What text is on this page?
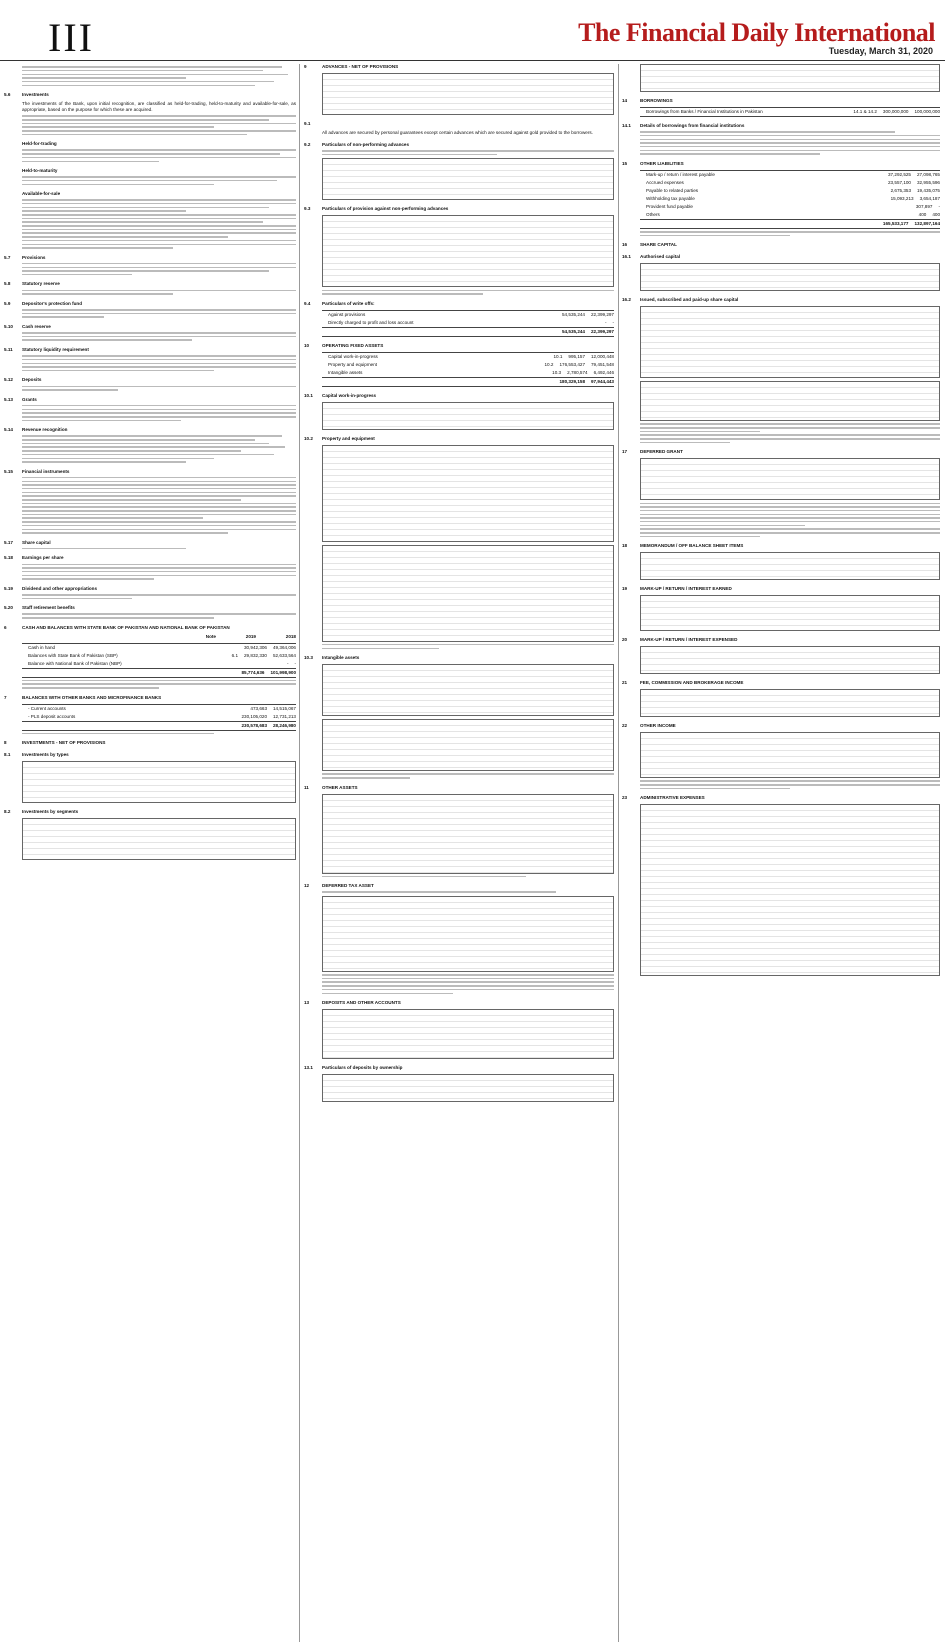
III	The Financial Daily International
Tuesday, March 31, 2020
5.6	Investments

The investments of the Bank, upon initial recognition, are classified as held-for-trading, held-to-maturity and available-for-sale, as appropriate, based on the purpose for which these are acquired.

Held-for-trading
Held-to-maturity
Available-for-sale
5.7	Provisions
5.8	Statutory reserve
5.9	Depositor's protection fund
5.10	Cash reserve
5.11	Statutory liquidity requirement
5.12	Deposits
5.13	Grants
5.14	Revenue recognition
5.15	Financial instruments
5.17	Share capital
5.18	Earnings per share
5.19	Dividend and other appropriations
5.20	Staff retirement benefits
6	CASH AND BALANCES WITH STATE BANK OF PAKISTAN AND NATIONAL BANK OF PAKISTAN
Note	2019	2018
Cash in hand	30,942,306	49,364,006
Balances with State Bank of Pakistan (SBP)	6.1	29,832,330	52,633,564
Balance with National Bank of Pakistan (NBP)	-	-
85,774,636	101,998,900
7	BALANCES WITH OTHER BANKS AND MICROFINANCE BANKS
- Current accounts	473,663	14,515,067
- PLS deposit accounts	230,105,020	12,731,213
230,578,683	28,246,980
8	INVESTMENTS - NET OF PROVISIONS
8.1	Investments by types
8.2	Investments by segments
9	ADVANCES - NET OF PROVISIONS
9.1

All advances are secured by personal guarantees except certain advances which are secured against gold provided to the borrowers.

9.2	Particulars of non-performing advances
9.3	Particulars of provision against non-performing advances
9.4	Particulars of write offs:
Against provisions	54,535,244	22,399,297
Directly charged to profit and loss account	-	-
54,535,244	22,399,297
10	OPERATING FIXED ASSETS
Capital work-in-progress	10.1	995,157	12,000,448
Property and equipment	10.2	176,553,427	79,451,548
Intangible assets	10.3	2,780,574	6,492,446
180,329,158	97,944,443
10.1	Capital work-in-progress
10.2	Property and equipment
10.3	Intangible assets
11	OTHER ASSETS
12	DEFERRED TAX ASSET
13	DEPOSITS AND OTHER ACCOUNTS
13.1	Particulars of deposits by ownership
14	BORROWINGS
Borrowings from Banks / Financial Institutions in Pakistan	14.1 & 14.2	300,000,000	100,000,000
14.1	Details of borrowings from financial institutions
15	OTHER LIABILITIES
Mark-up / return / interest payable	37,292,525	27,098,765
Accrued expenses	23,557,100	32,955,596
Payable to related parties	2,675,353	19,435,075
Withholding tax payable	15,093,213	3,654,187
Provident fund payable	307,897	-
Others	400	400
165,533,177	132,897,164
16	SHARE CAPITAL
16.1	Authorised capital
16.2	Issued, subscribed and paid-up share capital
17	DEFERRED GRANT
18	MEMORANDUM / OFF BALANCE SHEET ITEMS
19	MARK-UP / RETURN / INTEREST EARNED
20	MARK-UP / RETURN / INTEREST EXPENSED
21	FEE, COMMISSION AND BROKERAGE INCOME
22	OTHER INCOME
23	ADMINISTRATIVE EXPENSES
